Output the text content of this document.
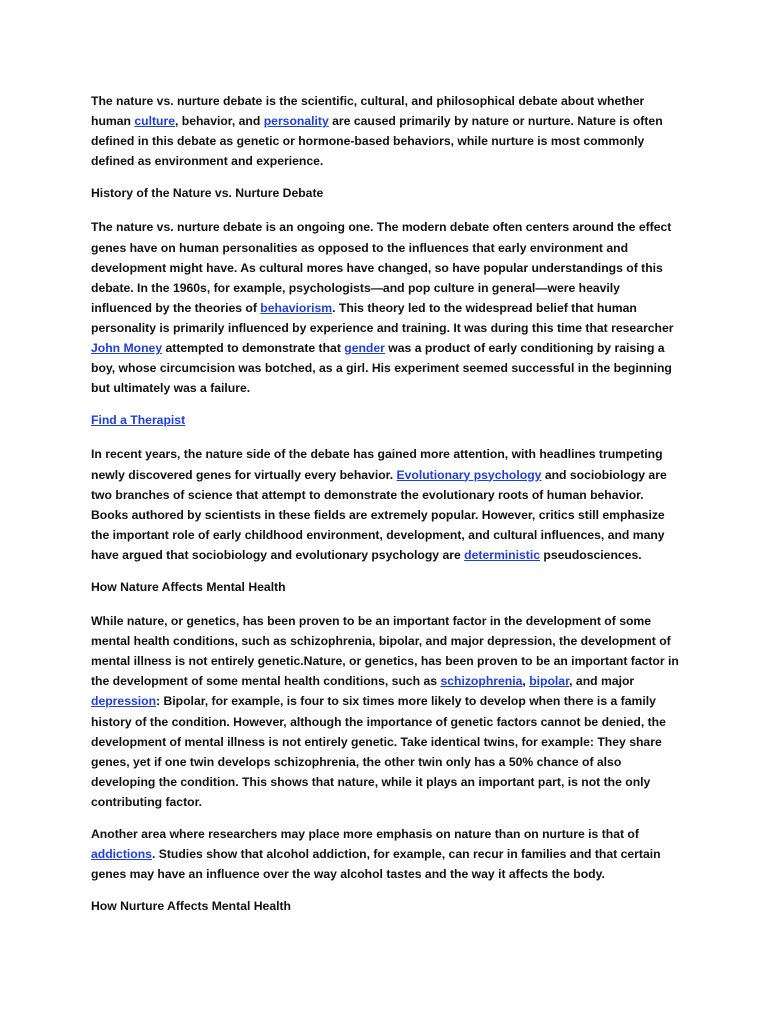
The nature vs. nurture debate is the scientific, cultural, and philosophical debate about whether human culture, behavior, and personality are caused primarily by nature or nurture. Nature is often defined in this debate as genetic or hormone-based behaviors, while nurture is most commonly defined as environment and experience.

History of the Nature vs. Nurture Debate

The nature vs. nurture debate is an ongoing one. The modern debate often centers around the effect genes have on human personalities as opposed to the influences that early environment and development might have. As cultural mores have changed, so have popular understandings of this debate. In the 1960s, for example, psychologists—and pop culture in general—were heavily influenced by the theories of behaviorism. This theory led to the widespread belief that human personality is primarily influenced by experience and training. It was during this time that researcher John Money attempted to demonstrate that gender was a product of early conditioning by raising a boy, whose circumcision was botched, as a girl. His experiment seemed successful in the beginning but ultimately was a failure.

Find a Therapist

In recent years, the nature side of the debate has gained more attention, with headlines trumpeting newly discovered genes for virtually every behavior. Evolutionary psychology and sociobiology are two branches of science that attempt to demonstrate the evolutionary roots of human behavior. Books authored by scientists in these fields are extremely popular. However, critics still emphasize the important role of early childhood environment, development, and cultural influences, and many have argued that sociobiology and evolutionary psychology are deterministic pseudosciences.

How Nature Affects Mental Health

While nature, or genetics, has been proven to be an important factor in the development of some mental health conditions, such as schizophrenia, bipolar, and major depression, the development of mental illness is not entirely genetic.Nature, or genetics, has been proven to be an important factor in the development of some mental health conditions, such as schizophrenia, bipolar, and major depression: Bipolar, for example, is four to six times more likely to develop when there is a family history of the condition. However, although the importance of genetic factors cannot be denied, the development of mental illness is not entirely genetic. Take identical twins, for example: They share genes, yet if one twin develops schizophrenia, the other twin only has a 50% chance of also developing the condition. This shows that nature, while it plays an important part, is not the only contributing factor.

Another area where researchers may place more emphasis on nature than on nurture is that of addictions. Studies show that alcohol addiction, for example, can recur in families and that certain genes may have an influence over the way alcohol tastes and the way it affects the body.

How Nurture Affects Mental Health
